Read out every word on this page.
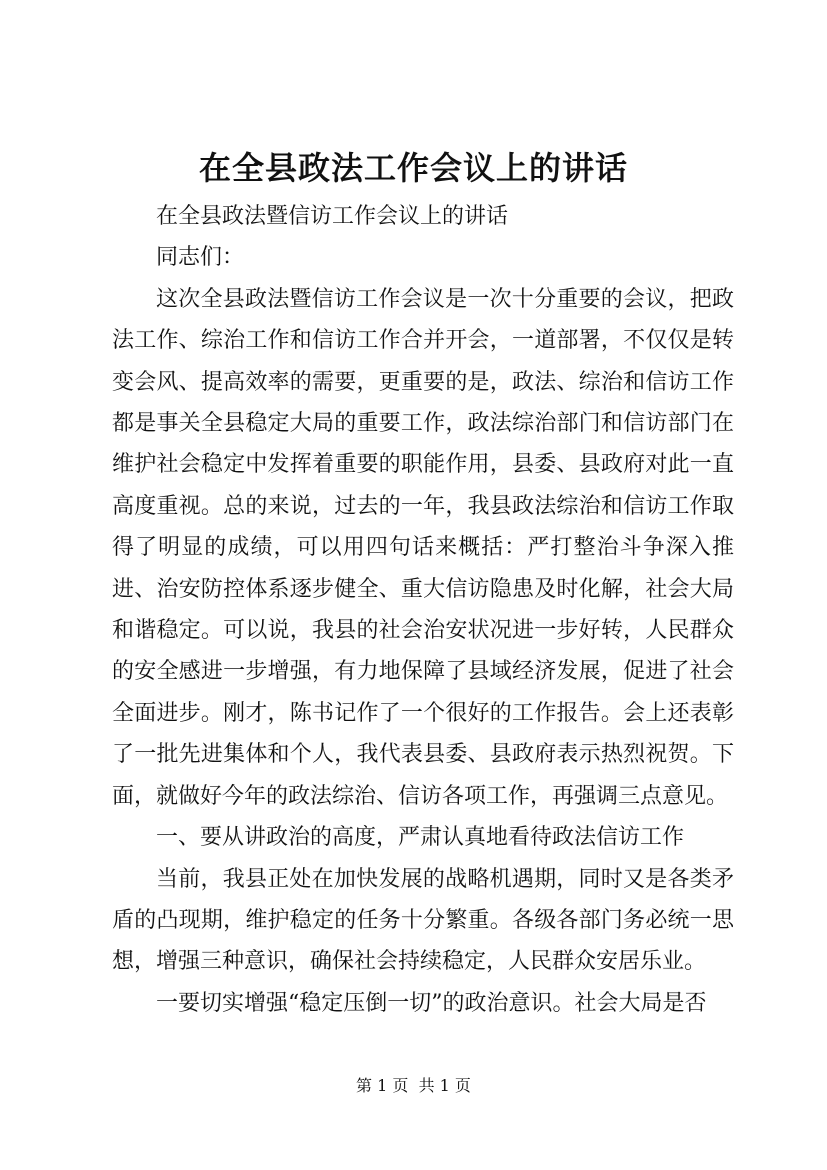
在全县政法工作会议上的讲话

在全县政法暨信访工作会议上的讲话

同志们：

这次全县政法暨信访工作会议是一次十分重要的会议，把政法工作、综治工作和信访工作合并开会，一道部署，不仅仅是转变会风、提高效率的需要，更重要的是，政法、综治和信访工作都是事关全县稳定大局的重要工作，政法综治部门和信访部门在维护社会稳定中发挥着重要的职能作用，县委、县政府对此一直高度重视。总的来说，过去的一年，我县政法综治和信访工作取得了明显的成绩，可以用四句话来概括：严打整治斗争深入推进、治安防控体系逐步健全、重大信访隐患及时化解，社会大局和谐稳定。可以说，我县的社会治安状况进一步好转，人民群众的安全感进一步增强，有力地保障了县域经济发展，促进了社会全面进步。刚才，陈书记作了一个很好的工作报告。会上还表彰了一批先进集体和个人，我代表县委、县政府表示热烈祝贺。下面，就做好今年的政法综治、信访各项工作，再强调三点意见。

一、要从讲政治的高度，严肃认真地看待政法信访工作

当前，我县正处在加快发展的战略机遇期，同时又是各类矛盾的凸现期，维护稳定的任务十分繁重。各级各部门务必统一思想，增强三种意识，确保社会持续稳定，人民群众安居乐业。

一要切实增强“稳定压倒一切”的政治意识。社会大局是否

第 1 页  共 1 页
